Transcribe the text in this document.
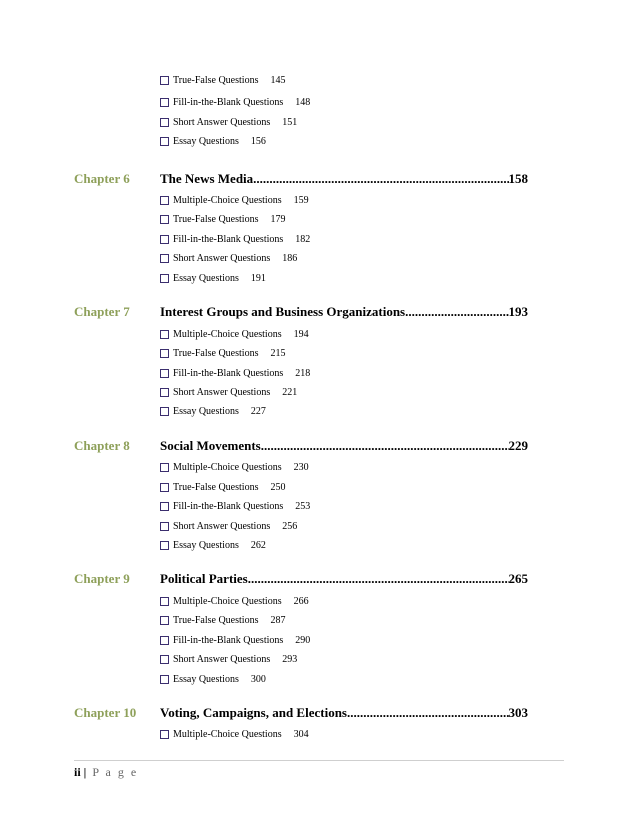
True-False Questions 145
Fill-in-the-Blank Questions 148
Short Answer Questions 151
Essay Questions 156
Chapter 6 The News Media .....	158
Multiple-Choice Questions 159
True-False Questions 179
Fill-in-the-Blank Questions 182
Short Answer Questions 186
Essay Questions 191
Chapter 7 Interest Groups and Business Organizations .....	193
Multiple-Choice Questions 194
True-False Questions 215
Fill-in-the-Blank Questions 218
Short Answer Questions 221
Essay Questions 227
Chapter 8 Social Movements .....	229
Multiple-Choice Questions 230
True-False Questions 250
Fill-in-the-Blank Questions 253
Short Answer Questions 256
Essay Questions 262
Chapter 9 Political Parties .....	265
Multiple-Choice Questions 266
True-False Questions 287
Fill-in-the-Blank Questions 290
Short Answer Questions 293
Essay Questions 300
Chapter 10 Voting, Campaigns, and Elections .....	303
Multiple-Choice Questions 304
ii | P a g e
